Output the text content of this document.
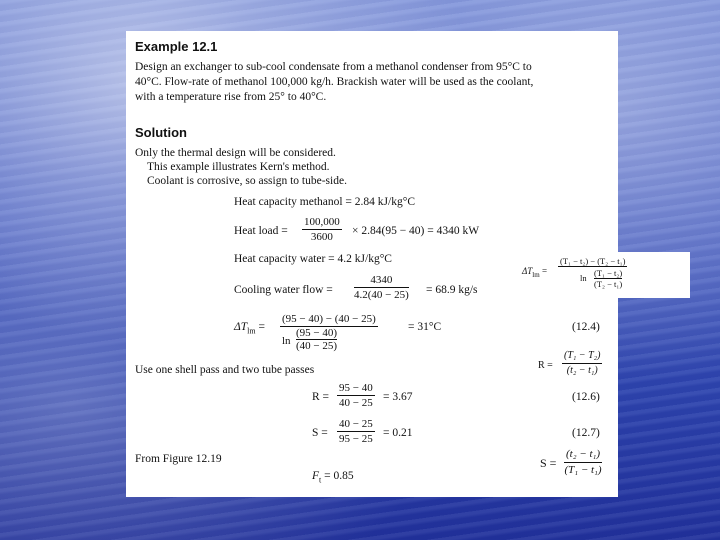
Example 12.1
Design an exchanger to sub-cool condensate from a methanol condenser from 95°C to
40°C. Flow-rate of methanol 100,000 kg/h. Brackish water will be used as the coolant,
with a temperature rise from 25° to 40°C.
Solution
Only the thermal design will be considered.
This example illustrates Kern's method.
Coolant is corrosive, so assign to tube-side.
Heat capacity methanol = 2.84 kJ/kg°C
Heat load = $\frac{100,000}{3600} \times 2.84(95 - 40) = 4340$ kW
Heat capacity water = 4.2 kJ/kg°C
Cooling water flow = $\frac{4340}{4.2(40 - 25)} = 68.9$ kg/s
$\Delta T_{lm} = \frac{(95 - 40) - (40 - 25)}{\ln \frac{(95 - 40)}{(40 - 25)}}$	= 31°C	(12.4)
Use one shell pass and two tube passes
$R = \frac{95 - 40}{40 - 25} = 3.67$	(12.6)
$S = \frac{40 - 25}{95 - 25} = 0.21$	(12.7)
From Figure 12.19
$F_t = 0.85$
$\Delta T_{lm} = \frac{\text{(T₁ − t₂) − (T₂ − t₁)}}{\ln \frac{\text{(T₁ − t₂)}}{\text{(T₂ − t₁)}}}$
$R = \frac{\text{(T₁ − T₂)}}{\text{(t₂ − t₁)}}$
$S = \frac{\text{(t₂ − t₁)}}{\text{(T₁ − t₁)}}$
